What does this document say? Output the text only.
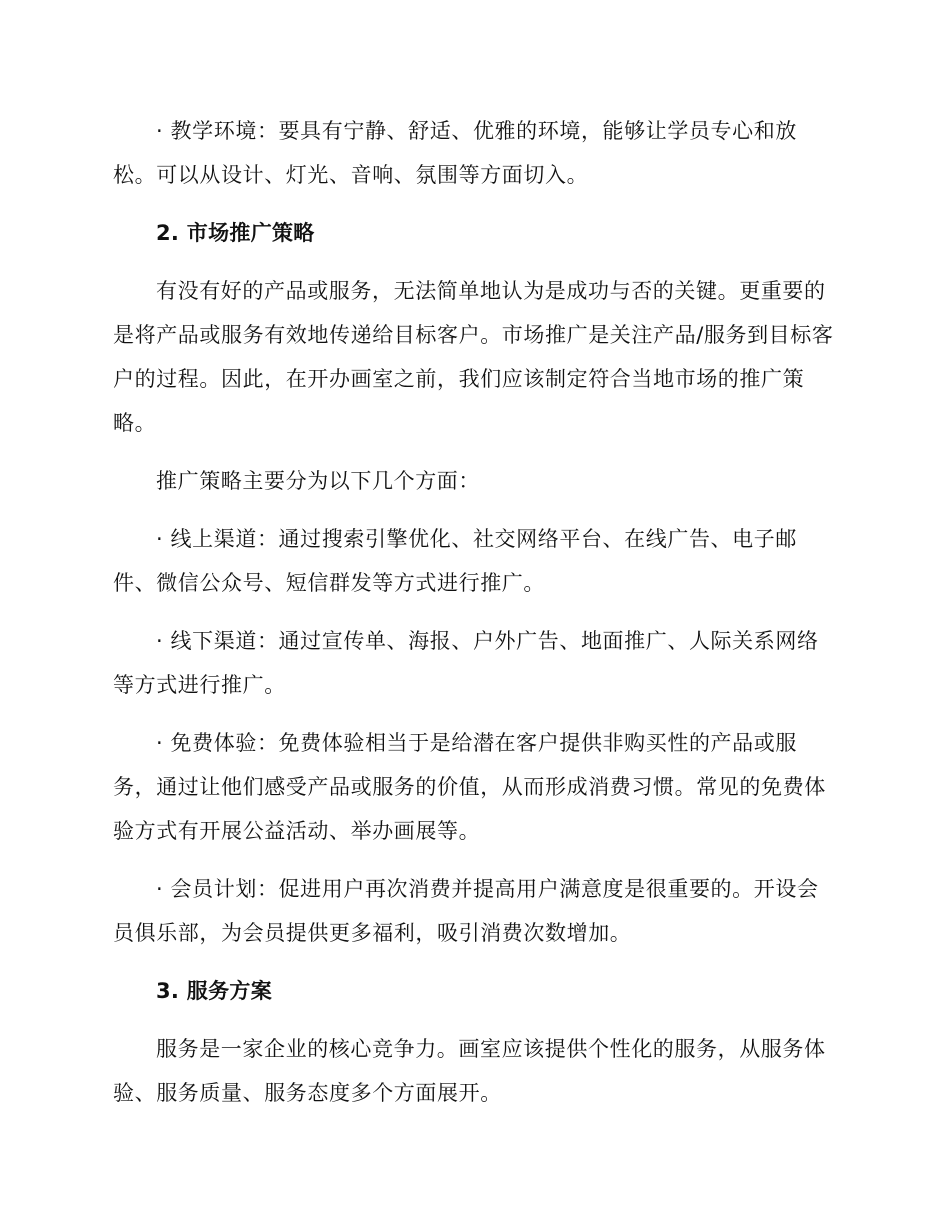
· 教学环境：要具有宁静、舒适、优雅的环境，能够让学员专心和放松。可以从设计、灯光、音响、氛围等方面切入。

2. 市场推广策略

有没有好的产品或服务，无法简单地认为是成功与否的关键。更重要的是将产品或服务有效地传递给目标客户。市场推广是关注产品/服务到目标客户的过程。因此，在开办画室之前，我们应该制定符合当地市场的推广策略。

推广策略主要分为以下几个方面：

· 线上渠道：通过搜索引擎优化、社交网络平台、在线广告、电子邮件、微信公众号、短信群发等方式进行推广。

· 线下渠道：通过宣传单、海报、户外广告、地面推广、人际关系网络等方式进行推广。

· 免费体验：免费体验相当于是给潜在客户提供非购买性的产品或服务，通过让他们感受产品或服务的价值，从而形成消费习惯。常见的免费体验方式有开展公益活动、举办画展等。

· 会员计划：促进用户再次消费并提高用户满意度是很重要的。开设会员俱乐部，为会员提供更多福利，吸引消费次数增加。

3. 服务方案

服务是一家企业的核心竞争力。画室应该提供个性化的服务，从服务体验、服务质量、服务态度多个方面展开。
